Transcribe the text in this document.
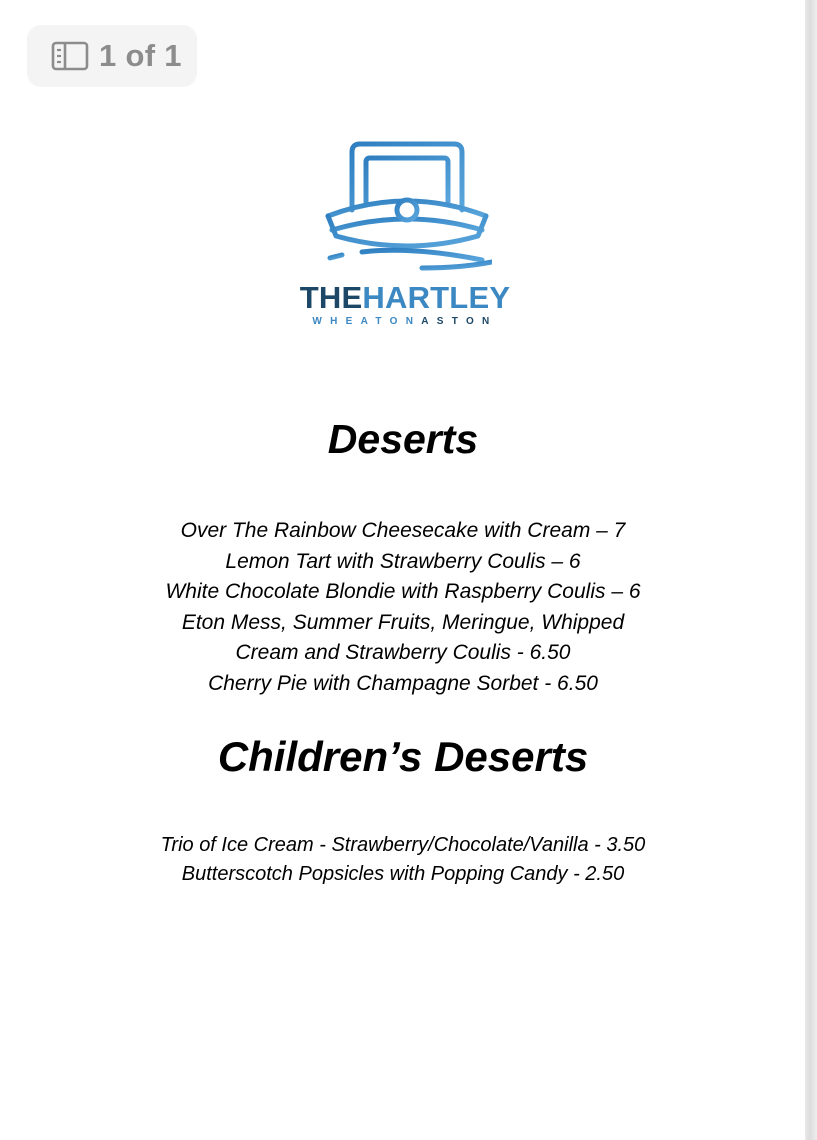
1 of 1
THEHARTLEY
WHEATONASTON
Deserts
Over The Rainbow Cheesecake with Cream – 7
Lemon Tart with Strawberry Coulis – 6
White Chocolate Blondie with Raspberry Coulis – 6
Eton Mess, Summer Fruits, Meringue, Whipped
Cream and Strawberry Coulis - 6.50
Cherry Pie with Champagne Sorbet - 6.50
Children’s Deserts
Trio of Ice Cream - Strawberry/Chocolate/Vanilla - 3.50
Butterscotch Popsicles with Popping Candy - 2.50
